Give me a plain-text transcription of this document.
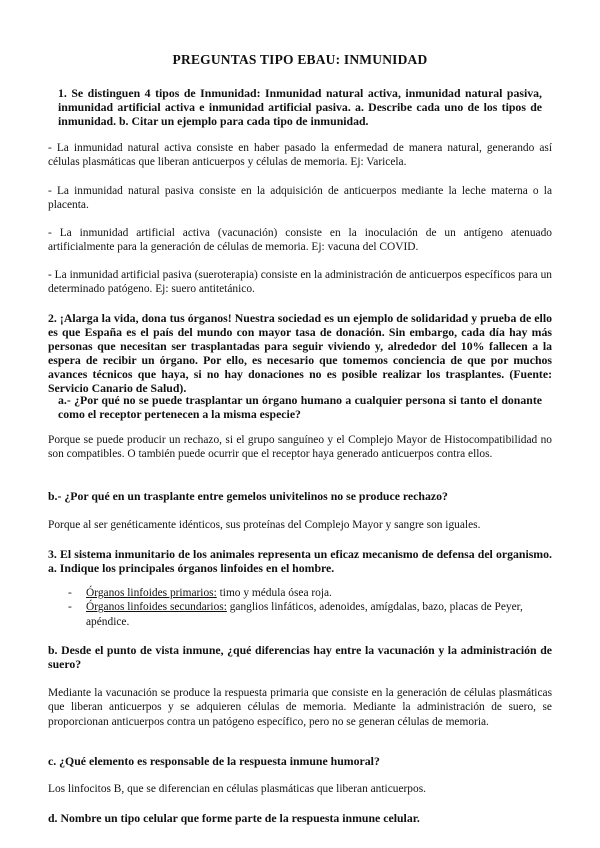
PREGUNTAS TIPO EBAU: INMUNIDAD

1. Se distinguen 4 tipos de Inmunidad: Inmunidad natural activa, inmunidad natural pasiva, inmunidad artificial activa e inmunidad artificial pasiva. a. Describe cada uno de los tipos de inmunidad. b. Citar un ejemplo para cada tipo de inmunidad.

- La inmunidad natural activa consiste en haber pasado la enfermedad de manera natural, generando así células plasmáticas que liberan anticuerpos y células de memoria. Ej: Varicela.

- La inmunidad natural pasiva consiste en la adquisición de anticuerpos mediante la leche materna o la placenta.

- La inmunidad artificial activa (vacunación) consiste en la inoculación de un antígeno atenuado artificialmente para la generación de células de memoria. Ej: vacuna del COVID.

- La inmunidad artificial pasiva (sueroterapia) consiste en la administración de anticuerpos específicos para un determinado patógeno. Ej: suero antitetánico.

2. ¡Alarga la vida, dona tus órganos! Nuestra sociedad es un ejemplo de solidaridad y prueba de ello es que España es el país del mundo con mayor tasa de donación. Sin embargo, cada día hay más personas que necesitan ser trasplantadas para seguir viviendo y, alrededor del 10% fallecen a la espera de recibir un órgano. Por ello, es necesario que tomemos conciencia de que por muchos avances técnicos que haya, si no hay donaciones no es posible realizar los trasplantes. (Fuente: Servicio Canario de Salud).

a.- ¿Por qué no se puede trasplantar un órgano humano a cualquier persona si tanto el donante como el receptor pertenecen a la misma especie?

Porque se puede producir un rechazo, si el grupo sanguíneo y el Complejo Mayor de Histocompatibilidad no son compatibles. O también puede ocurrir que el receptor haya generado anticuerpos contra ellos.

b.- ¿Por qué en un trasplante entre gemelos univitelinos no se produce rechazo?

Porque al ser genéticamente idénticos, sus proteínas del Complejo Mayor y sangre son iguales.

3. El sistema inmunitario de los animales representa un eficaz mecanismo de defensa del organismo. a. Indique los principales órganos linfoides en el hombre.

- Órganos linfoides primarios: timo y médula ósea roja.
- Órganos linfoides secundarios: ganglios linfáticos, adenoides, amígdalas, bazo, placas de Peyer, apéndice.

b. Desde el punto de vista inmune, ¿qué diferencias hay entre la vacunación y la administración de suero?

Mediante la vacunación se produce la respuesta primaria que consiste en la generación de células plasmáticas que liberan anticuerpos y se adquieren células de memoria. Mediante la administración de suero, se proporcionan anticuerpos contra un patógeno específico, pero no se generan células de memoria.

c. ¿Qué elemento es responsable de la respuesta inmune humoral?

Los linfocitos B, que se diferencian en células plasmáticas que liberan anticuerpos.

d. Nombre un tipo celular que forme parte de la respuesta inmune celular.
